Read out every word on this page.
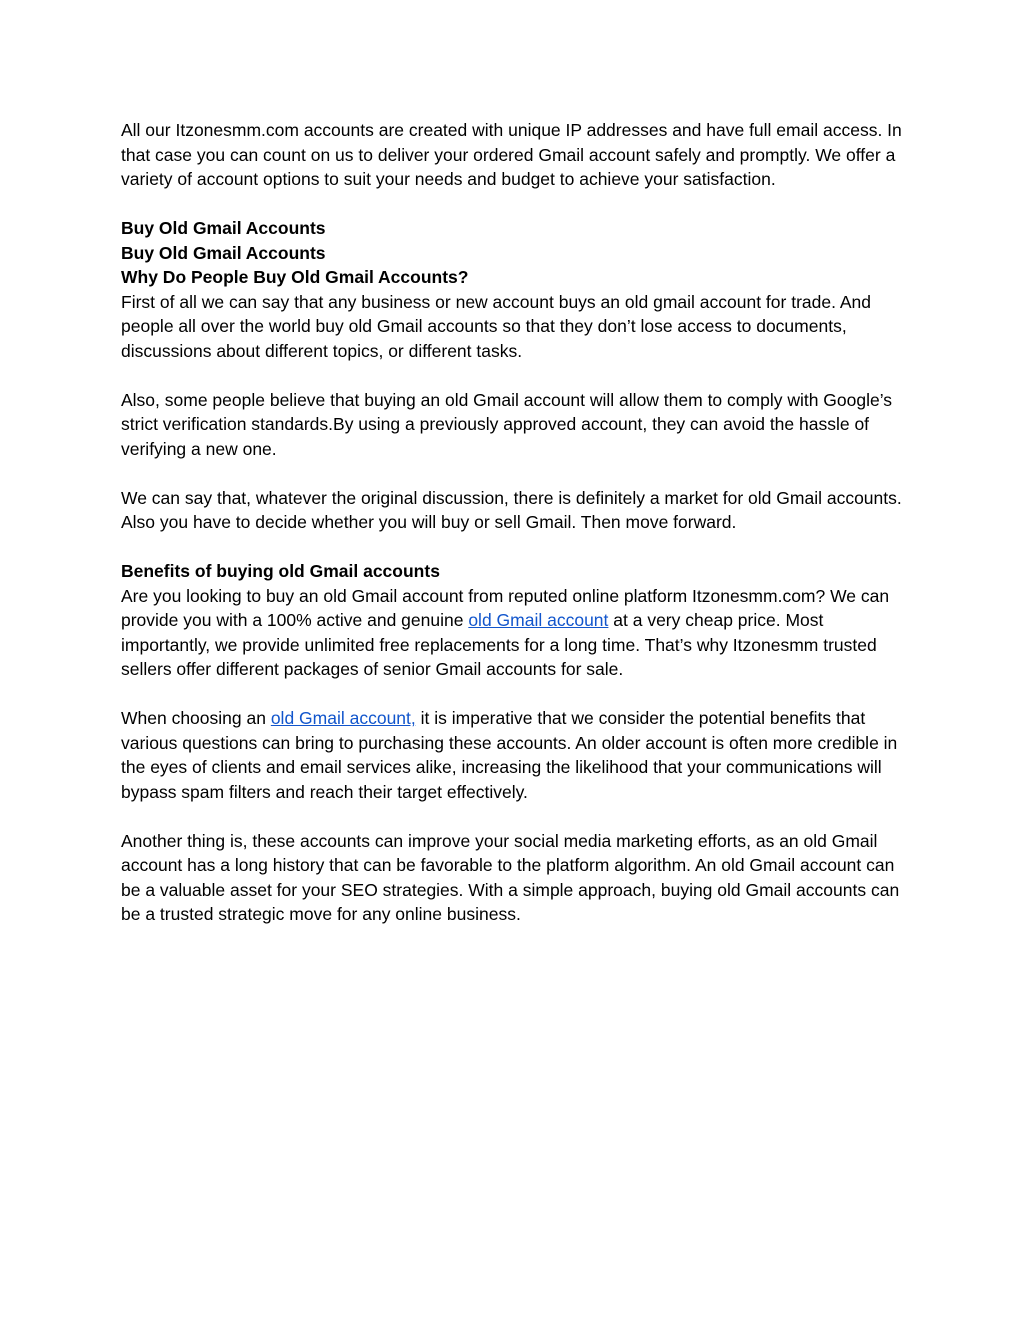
All our Itzonesmm.com accounts are created with unique IP addresses and have full email access. In that case you can count on us to deliver your ordered Gmail account safely and promptly. We offer a variety of account options to suit your needs and budget to achieve your satisfaction.

Buy Old Gmail Accounts

Buy Old Gmail Accounts

Why Do People Buy Old Gmail Accounts?

First of all we can say that any business or new account buys an old gmail account for trade. And people all over the world buy old Gmail accounts so that they don’t lose access to documents, discussions about different topics, or different tasks.

Also, some people believe that buying an old Gmail account will allow them to comply with Google’s strict verification standards.By using a previously approved account, they can avoid the hassle of verifying a new one.

We can say that, whatever the original discussion, there is definitely a market for old Gmail accounts. Also you have to decide whether you will buy or sell Gmail. Then move forward.

Benefits of buying old Gmail accounts

Are you looking to buy an old Gmail account from reputed online platform Itzonesmm.com? We can provide you with a 100% active and genuine old Gmail account at a very cheap price. Most importantly, we provide unlimited free replacements for a long time. That’s why Itzonesmm trusted sellers offer different packages of senior Gmail accounts for sale.

When choosing an old Gmail account, it is imperative that we consider the potential benefits that various questions can bring to purchasing these accounts. An older account is often more credible in the eyes of clients and email services alike, increasing the likelihood that your communications will bypass spam filters and reach their target effectively.

Another thing is, these accounts can improve your social media marketing efforts, as an old Gmail account has a long history that can be favorable to the platform algorithm. An old Gmail account can be a valuable asset for your SEO strategies. With a simple approach, buying old Gmail accounts can be a trusted strategic move for any online business.
